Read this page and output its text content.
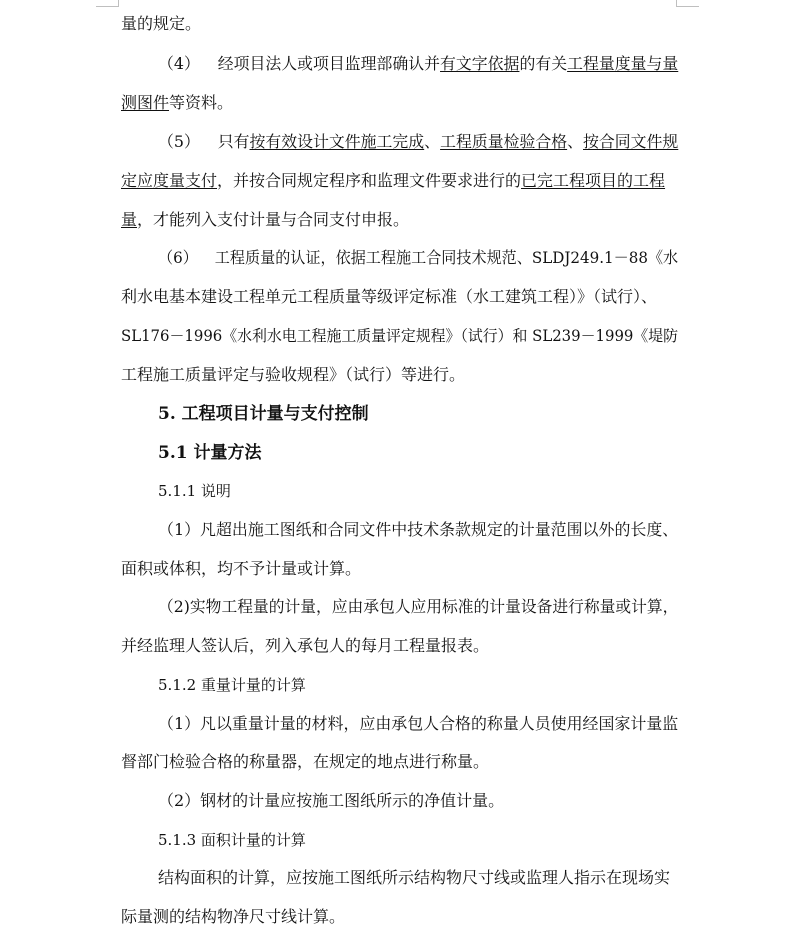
量的规定。
（4） 经项目法人或项目监理部确认并有文字依据的有关工程量度量与量
测图件等资料。
（5） 只有按有效设计文件施工完成、工程质量检验合格、按合同文件规
定应度量支付，并按合同规定程序和监理文件要求进行的已完工程项目的工程
量，才能列入支付计量与合同支付申报。
（6） 工程质量的认证，依据工程施工合同技术规范、SLDJ249.1－88《水
利水电基本建设工程单元工程质量等级评定标准（水工建筑工程）》（试行）、
SL176－1996《水利水电工程施工质量评定规程》（试行）和 SL239－1999《堤防
工程施工质量评定与验收规程》（试行）等进行。
5. 工程项目计量与支付控制
5.1 计量方法
5.1.1 说明
（1）凡超出施工图纸和合同文件中技术条款规定的计量范围以外的长度、
面积或体积，均不予计量或计算。
（2)实物工程量的计量，应由承包人应用标准的计量设备进行称量或计算，
并经监理人签认后，列入承包人的每月工程量报表。
5.1.2 重量计量的计算
（1）凡以重量计量的材料，应由承包人合格的称量人员使用经国家计量监
督部门检验合格的称量器，在规定的地点进行称量。
（2）钢材的计量应按施工图纸所示的净值计量。
5.1.3 面积计量的计算
结构面积的计算，应按施工图纸所示结构物尺寸线或监理人指示在现场实
际量测的结构物净尺寸线计算。
